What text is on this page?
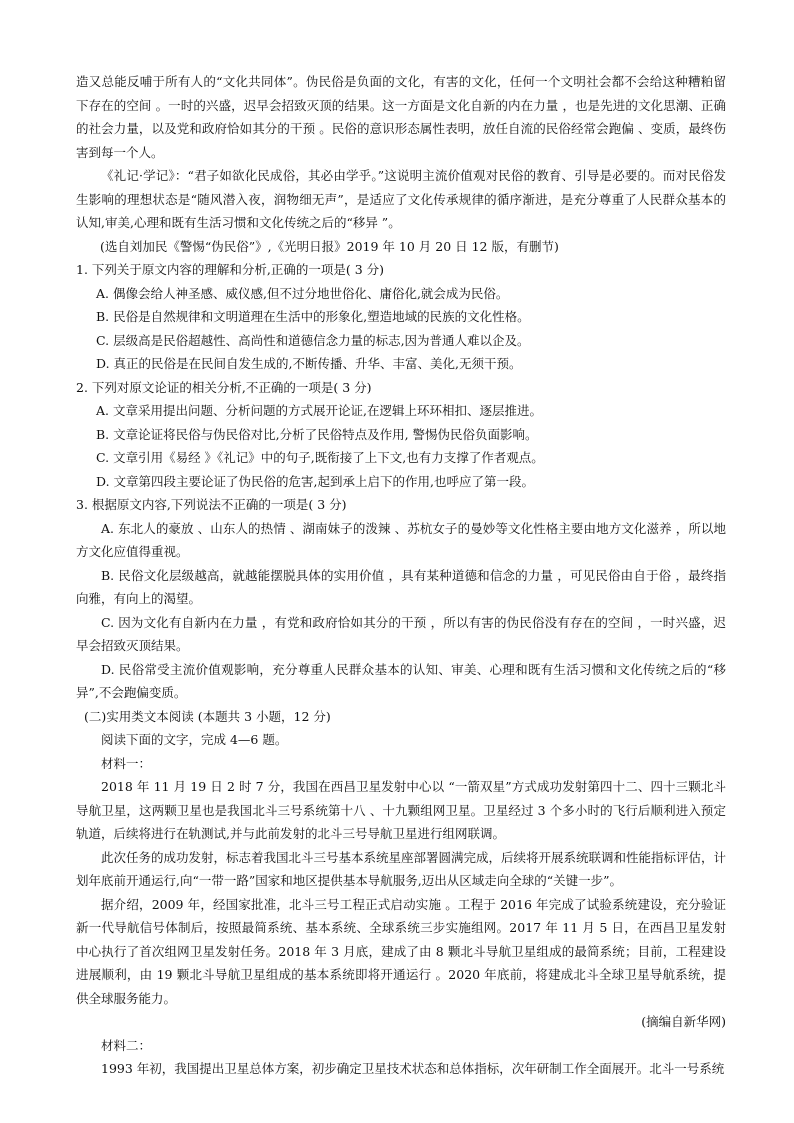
造又总能反哺于所有人的“文化共同体”。伪民俗是负面的文化，有害的文化，任何一个文明社会都不会给这种糟粕留下存在的空间 。一时的兴盛，迟早会招致灭顶的结果。这一方面是文化自新的内在力量 ，也是先进的文化思潮、正确的社会力量，以及党和政府恰如其分的干预 。民俗的意识形态属性表明，放任自流的民俗经常会跑偏 、变质，最终伤害到每一个人。

《礼记·学记》：“君子如欲化民成俗，其必由学乎。”这说明主流价值观对民俗的教育、引导是必要的。而对民俗发生影响的理想状态是“随风潜入夜，润物细无声”，是适应了文化传承规律的循序渐进，是充分尊重了人民群众基本的认知,审美,心理和既有生活习惯和文化传统之后的“移异 ”。

(选自刘加民《警惕“伪民俗”》,《光明日报》2019 年 10 月 20 日 12 版，有删节)

1. 下列关于原文内容的理解和分析,正确的一项是( 3 分)

A. 偶像会给人神圣感、威仪感,但不过分地世俗化、庸俗化,就会成为民俗。

B. 民俗是自然规律和文明道理在生活中的形象化,塑造地域的民族的文化性格。

C. 层级高是民俗超越性、高尚性和道德信念力量的标志,因为普通人难以企及。

D. 真正的民俗是在民间自发生成的,不断传播、升华、丰富、美化,无须干预。

2. 下列对原文论证的相关分析,不正确的一项是( 3 分)

A. 文章采用提出问题、分析问题的方式展开论证,在逻辑上环环相扣、逐层推进。

B. 文章论证将民俗与伪民俗对比,分析了民俗特点及作用, 警惕伪民俗负面影响。

C. 文章引用《易经 》《礼记》中的句子,既衔接了上下文,也有力支撑了作者观点。

D. 文章第四段主要论证了伪民俗的危害,起到承上启下的作用,也呼应了第一段。

3. 根据原文内容,下列说法不正确的一项是( 3 分)

A. 东北人的豪放 、山东人的热情 、湖南妹子的泼辣 、苏杭女子的曼妙等文化性格主要由地方文化滋养 ，所以地方文化应值得重视。

B. 民俗文化层级越高，就越能摆脱具体的实用价值 ，具有某种道德和信念的力量 ，可见民俗由自于俗 ，最终指向雅，有向上的渴望。

C. 因为文化有自新内在力量 ，有党和政府恰如其分的干预 ，所以有害的伪民俗没有存在的空间 ，一时兴盛，迟早会招致灭顶结果。

D. 民俗常受主流价值观影响，充分尊重人民群众基本的认知、审美、心理和既有生活习惯和文化传统之后的“移异”,不会跑偏变质。

(二)实用类文本阅读 (本题共 3 小题，12 分)

阅读下面的文字，完成 4—6 题。

材料一：

2018 年 11 月 19 日 2 时 7 分，我国在西昌卫星发射中心以 “一箭双星”方式成功发射第四十二、四十三颗北斗导航卫星，这两颗卫星也是我国北斗三号系统第十八 、十九颗组网卫星。卫星经过 3 个多小时的飞行后顺利进入预定轨道，后续将进行在轨测试,并与此前发射的北斗三号导航卫星进行组网联调。

此次任务的成功发射，标志着我国北斗三号基本系统星座部署圆满完成，后续将开展系统联调和性能指标评估，计划年底前开通运行,向“一带一路”国家和地区提供基本导航服务,迈出从区域走向全球的“关键一步”。

据介绍，2009 年，经国家批准，北斗三号工程正式启动实施 。工程于 2016 年完成了试验系统建设，充分验证新一代导航信号体制后，按照最简系统、基本系统、全球系统三步实施组网。2017 年 11 月 5 日，在西昌卫星发射中心执行了首次组网卫星发射任务。2018 年 3 月底，建成了由 8 颗北斗导航卫星组成的最简系统；目前，工程建设进展顺利，由 19 颗北斗导航卫星组成的基本系统即将开通运行 。2020 年底前，将建成北斗全球卫星导航系统，提供全球服务能力。

(摘编自新华网)

材料二：

1993 年初，我国提出卫星总体方案，初步确定卫星技术状态和总体指标，次年研制工作全面展开。北斗一号系统
